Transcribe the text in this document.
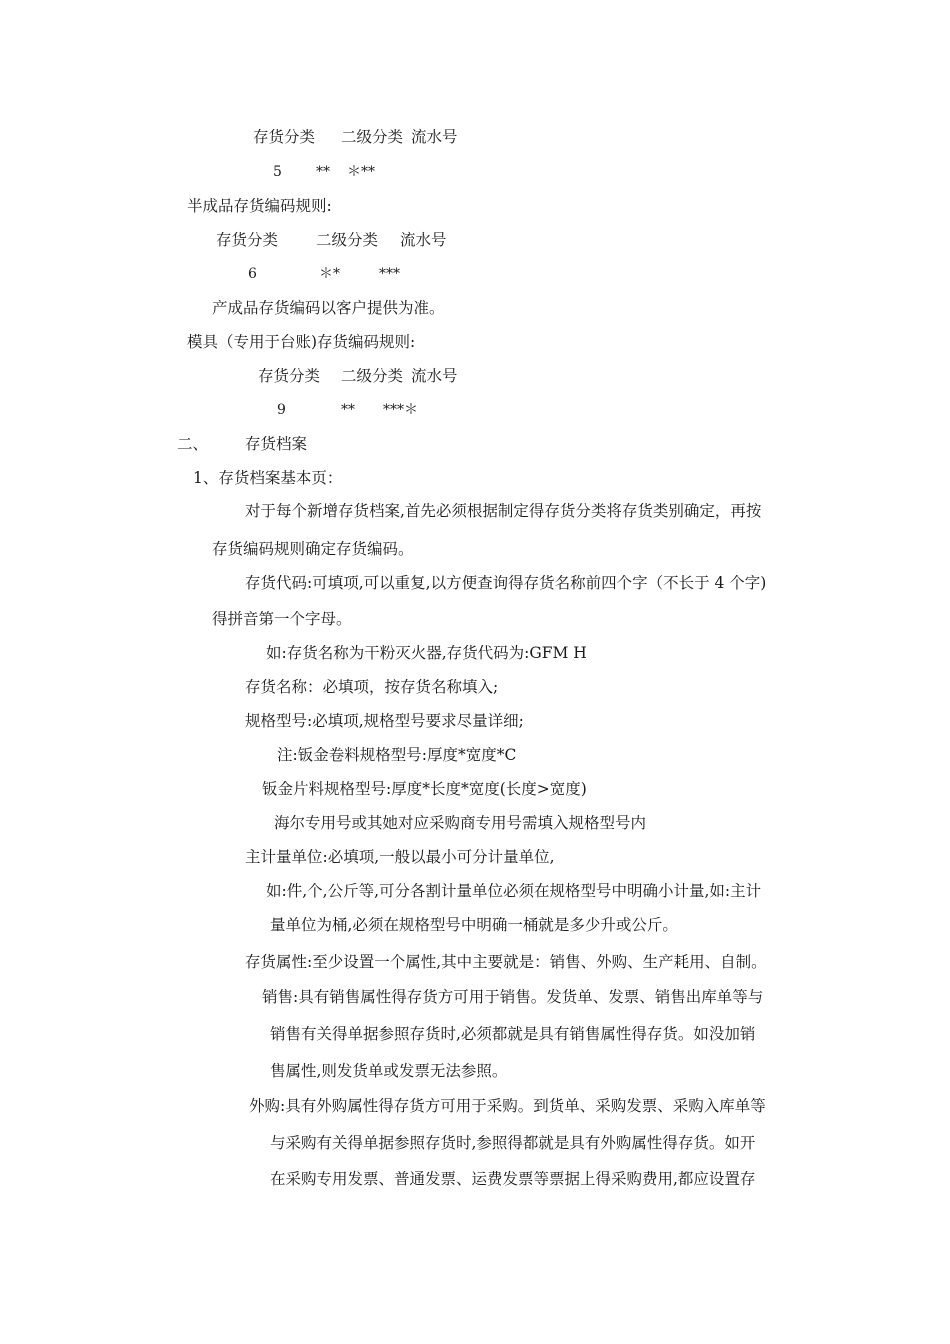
存货分类 二级分类 流水号
5 ** ＊**
半成品存货编码规则:
存货分类 二级分类 流水号
6	＊*	***
产成品存货编码以客户提供为准。
模具（专用于台账)存货编码规则:
存货分类 二级分类 流水号
9	** ***＊
二、 存货档案
1、存货档案基本页：
对于每个新增存货档案,首先必须根据制定得存货分类将存货类别确定，再按
存货编码规则确定存货编码。
存货代码:可填项,可以重复,以方便查询得存货名称前四个字（不长于 4 个字)
得拼音第一个字母。
如:存货名称为干粉灭火器,存货代码为:GFM H
存货名称：必填项，按存货名称填入;
规格型号:必填项,规格型号要求尽量详细;
注:钣金卷料规格型号:厚度*宽度*C
钣金片料规格型号:厚度*长度*宽度(长度>宽度)
海尔专用号或其她对应采购商专用号需填入规格型号内
主计量单位:必填项,一般以最小可分计量单位,
如:件,个,公斤等,可分各割计量单位必须在规格型号中明确小计量,如:主计
量单位为桶,必须在规格型号中明确一桶就是多少升或公斤。
存货属性:至少设置一个属性,其中主要就是：销售、外购、生产耗用、自制。
销售:具有销售属性得存货方可用于销售。发货单、发票、销售出库单等与
销售有关得单据参照存货时,必须都就是具有销售属性得存货。如没加销
售属性,则发货单或发票无法参照。
外购:具有外购属性得存货方可用于采购。到货单、采购发票、采购入库单等
与采购有关得单据参照存货时,参照得都就是具有外购属性得存货。如开
在采购专用发票、普通发票、运费发票等票据上得采购费用,都应设置存
